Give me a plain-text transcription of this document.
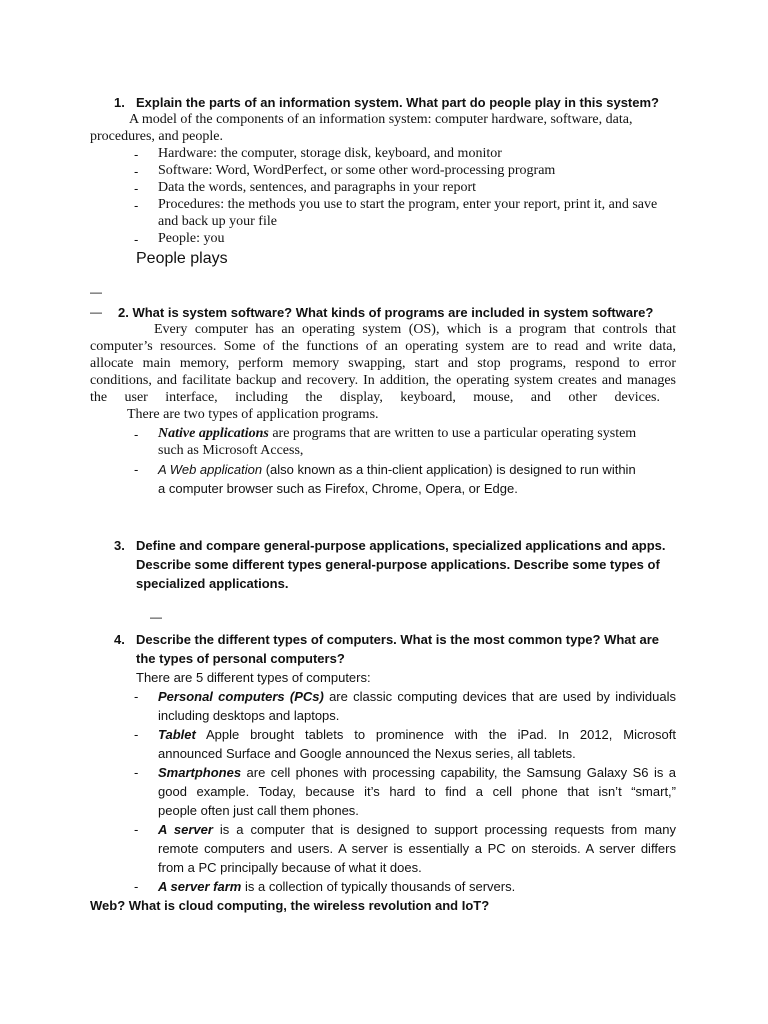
1. Explain the parts of an information system. What part do people play in this system?
A model of the components of an information system: computer hardware, software, data,
procedures, and people.
- Hardware: the computer, storage disk, keyboard, and monitor
- Software: Word, WordPerfect, or some other word-processing program
- Data the words, sentences, and paragraphs in your report
- Procedures: the methods you use to start the program, enter your report, print it, and save
and back up your file
- People: you
People plays
—
— 2. What is system software? What kinds of programs are included in system software?
Every computer has an operating system (OS), which is a program that controls that
computer’s resources. Some of the functions of an operating system are to read and write data,
allocate main memory, perform memory swapping, start and stop programs, respond to error
conditions, and facilitate backup and recovery. In addition, the operating system creates and manages
the user interface, including the display, keyboard, mouse, and other devices.
There are two types of application programs.
- Native applications are programs that are written to use a particular operating system
such as Microsoft Access,
- A Web application (also known as a thin-client application) is designed to run within
a computer browser such as Firefox, Chrome, Opera, or Edge.
3. Define and compare general-purpose applications, specialized applications and apps.
Describe some different types general-purpose applications. Describe some types of
specialized applications.
—
4. Describe the different types of computers. What is the most common type? What are
the types of personal computers?
There are 5 different types of computers:
- Personal computers (PCs) are classic computing devices that are used by individuals
including desktops and laptops.
- Tablet Apple brought tablets to prominence with the iPad. In 2012, Microsoft
announced Surface and Google announced the Nexus series, all tablets.
- Smartphones are cell phones with processing capability, the Samsung Galaxy S6 is a
good example. Today, because it’s hard to find a cell phone that isn’t “smart,”
people often just call them phones.
- A server is a computer that is designed to support processing requests from many
remote computers and users. A server is essentially a PC on steroids. A server differs
from a PC principally because of what it does.
- A server farm is a collection of typically thousands of servers.
Web? What is cloud computing, the wireless revolution and IoT?
